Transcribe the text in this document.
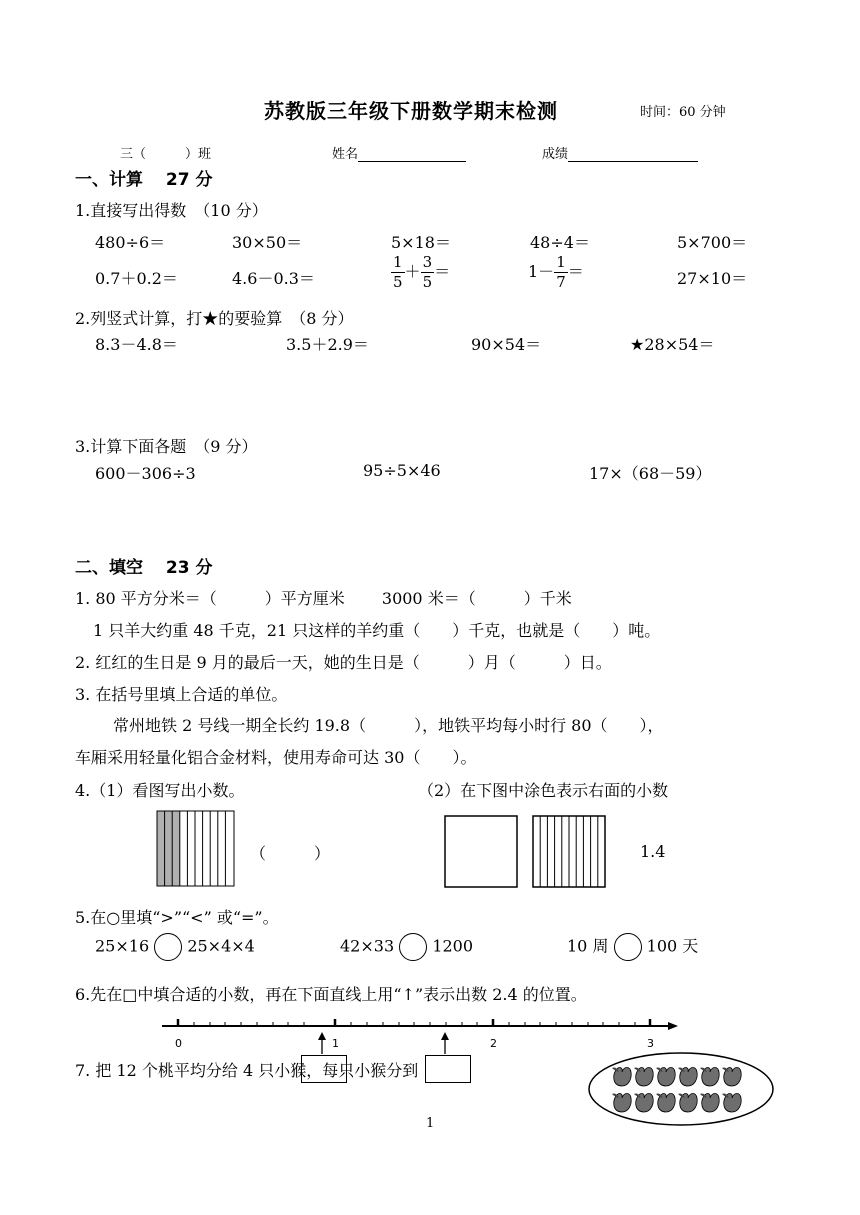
苏教版三年级下册数学期末检测	时间：60 分钟
三（　　　）班	姓名	成绩
一、计算　 27 分
1.直接写出得数　（10 分）
480÷6＝	30×50＝	5×18＝	48÷4＝	5×700＝
0.7＋0.2＝	4.6－0.3＝	$\frac{1}{5} + \frac{3}{5}$ ＝	$1- \frac{1}{7}$ ＝	27×10＝
2.列竖式计算，打★的要验算　（8 分）
8.3－4.8＝	3.5＋2.9＝	90×54＝	★28×54＝
3.计算下面各题　（9 分）
600－306÷3	95÷5×46	17×（68－59）
二、填空　 23 分
1. 80 平方分米＝（　　　）平方厘米　　 3000 米＝（　　　）千米
1 只羊大约重 48 千克，21 只这样的羊约重（　　）千克，也就是（　　）吨。
2. 红红的生日是 9 月的最后一天，她的生日是（　　　）月（　　　）日。
3. 在括号里填上合适的单位。
常州地铁 2 号线一期全长约 19.8（　　　），地铁平均每小时行 80（　　），
车厢采用轻量化铝合金材料，使用寿命可达 30（　　）。
4.（1）看图写出小数。	（2）在下图中涂色表示右面的小数
（　　　）	1.4
5.在○里填“>”“<” 或“=”。
25×16 25×4×4	42×33 1200	10 周 100 天
6.先在□中填合适的小数，再在下面直线上用“↑”表示出数 2.4 的位置。
0	1	2	3
7. 把 12 个桃平均分给 4 只小猴，每只小猴分到
1
